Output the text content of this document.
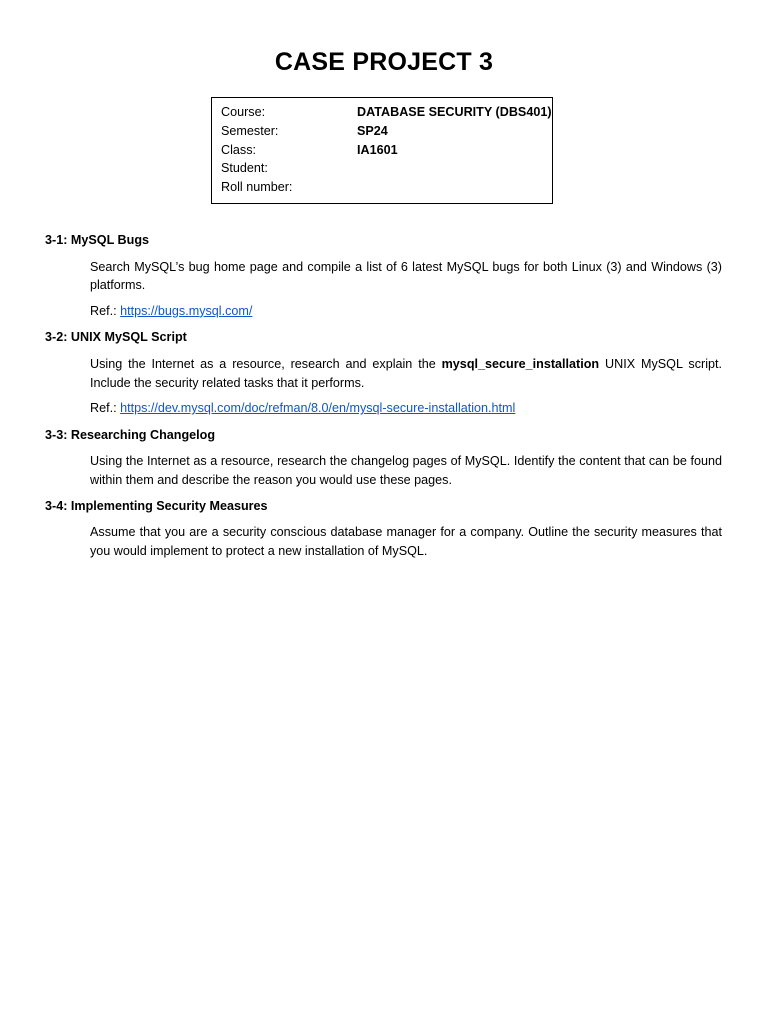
CASE PROJECT 3
Course:	DATABASE SECURITY (DBS401)
Semester:	SP24
Class:	IA1601
Student:
Roll number:
3-1: MySQL Bugs
Search MySQL’s bug home page and compile a list of 6 latest MySQL bugs for both Linux (3) and Windows (3) platforms.
Ref.: https://bugs.mysql.com/
3-2: UNIX MySQL Script
Using the Internet as a resource, research and explain the mysql_secure_installation UNIX MySQL script. Include the security related tasks that it performs.
Ref.: https://dev.mysql.com/doc/refman/8.0/en/mysql-secure-installation.html
3-3: Researching Changelog
Using the Internet as a resource, research the changelog pages of MySQL. Identify the content that can be found within them and describe the reason you would use these pages.
3-4: Implementing Security Measures
Assume that you are a security conscious database manager for a company. Outline the security measures that you would implement to protect a new installation of MySQL.
